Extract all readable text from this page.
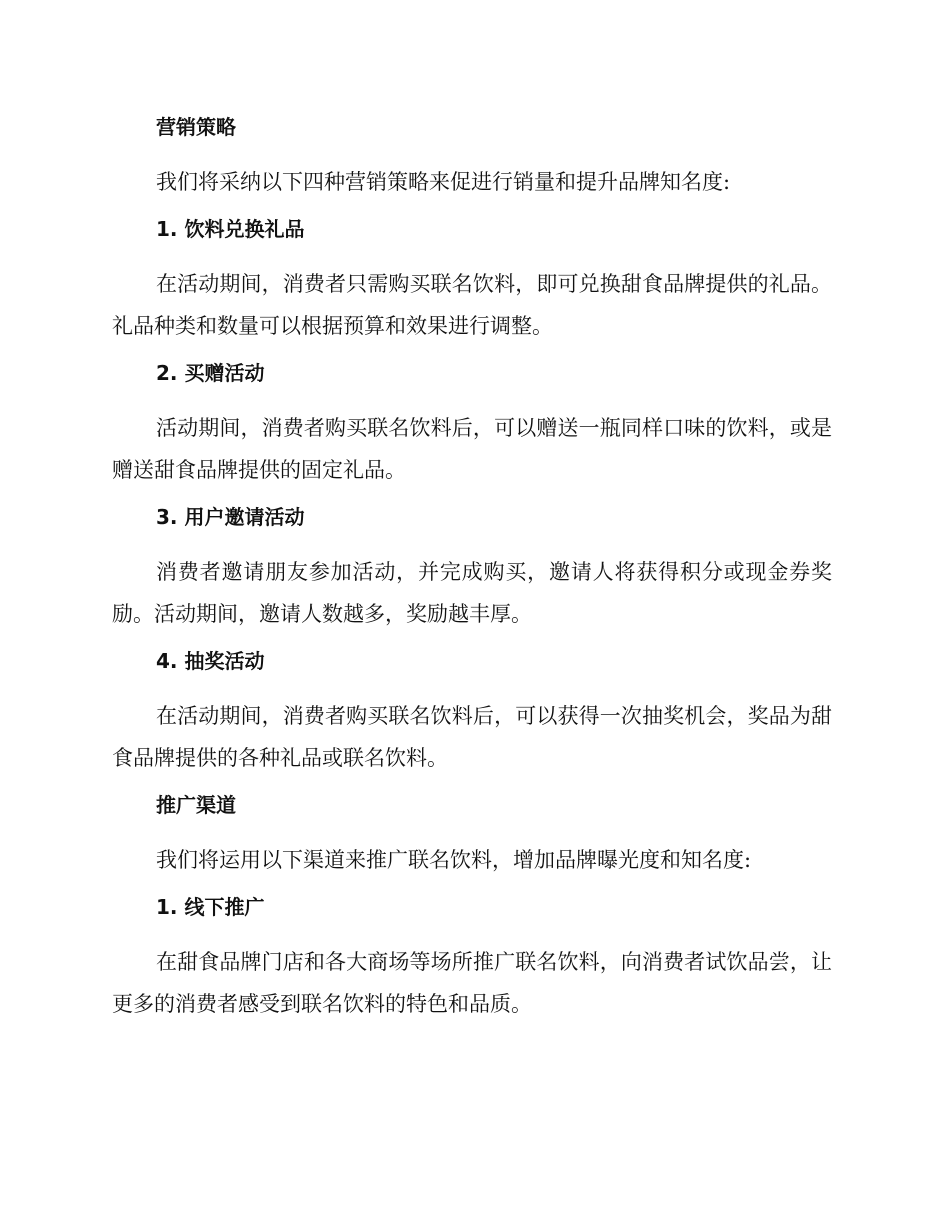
营销策略
我们将采纳以下四种营销策略来促进行销量和提升品牌知名度:
1. 饮料兑换礼品
在活动期间，消费者只需购买联名饮料，即可兑换甜食品牌提供的礼品。礼品种类和数量可以根据预算和效果进行调整。
2. 买赠活动
活动期间，消费者购买联名饮料后，可以赠送一瓶同样口味的饮料，或是赠送甜食品牌提供的固定礼品。
3. 用户邀请活动
消费者邀请朋友参加活动，并完成购买，邀请人将获得积分或现金券奖励。活动期间，邀请人数越多，奖励越丰厚。
4. 抽奖活动
在活动期间，消费者购买联名饮料后，可以获得一次抽奖机会，奖品为甜食品牌提供的各种礼品或联名饮料。
推广渠道
我们将运用以下渠道来推广联名饮料，增加品牌曝光度和知名度:
1. 线下推广
在甜食品牌门店和各大商场等场所推广联名饮料，向消费者试饮品尝，让更多的消费者感受到联名饮料的特色和品质。
